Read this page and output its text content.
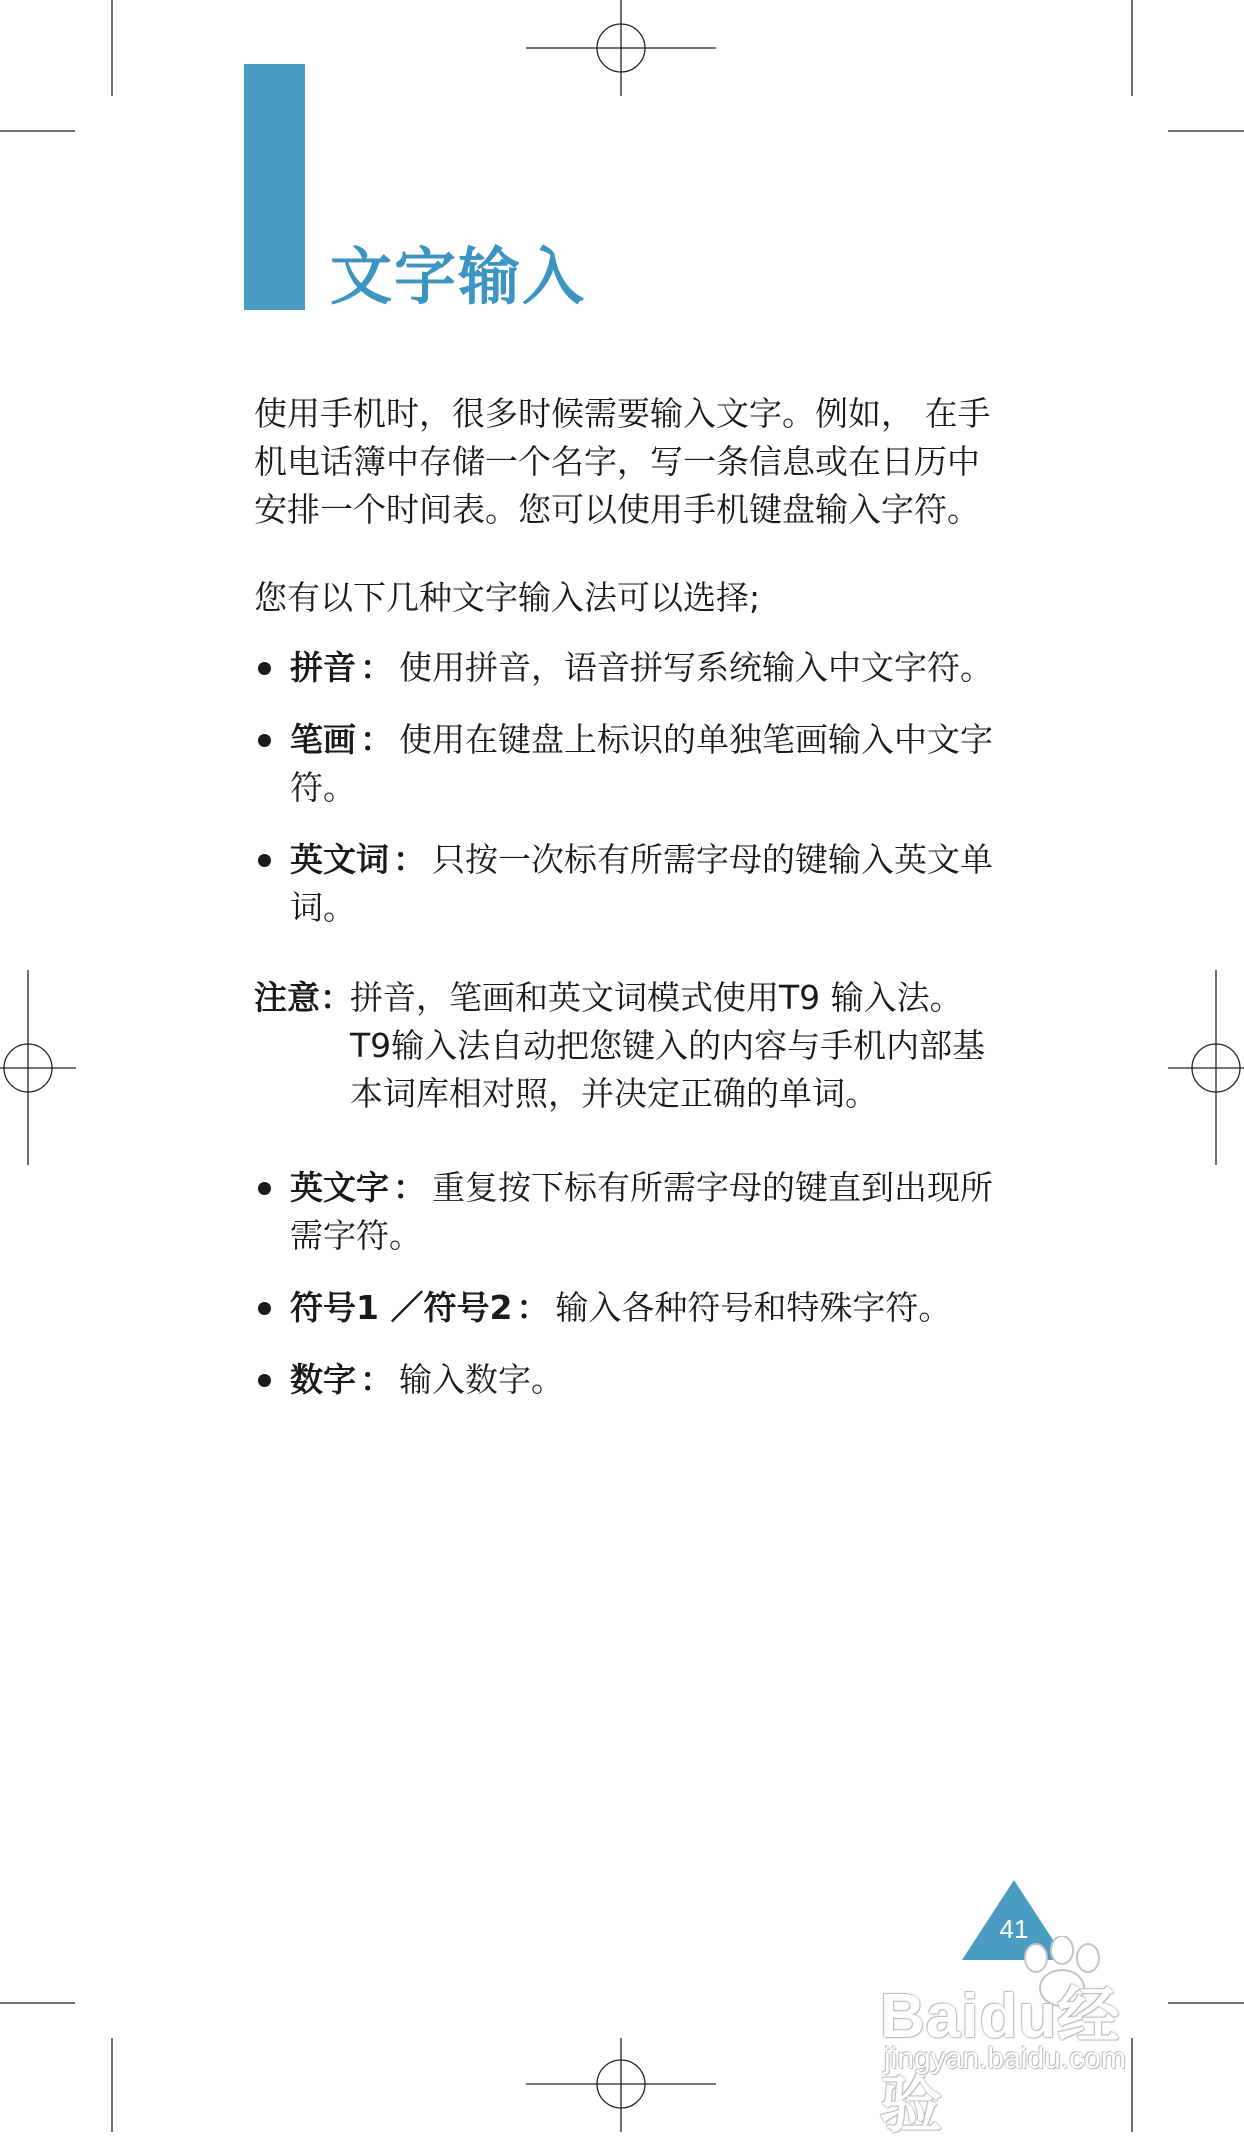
文字输入
使用手机时，很多时候需要输入文字。例如， 在手
机电话簿中存储一个名字，写一条信息或在日历中
安排一个时间表。您可以使用手机键盘输入字符。
您有以下几种文字输入法可以选择;
拼音 ： 使用拼音，语音拼写系统输入中文字符。
笔画 ： 使用在键盘上标识的单独笔画输入中文字符。
英文词 ： 只按一次标有所需字母的键输入英文单词。
注意：
拼音，笔画和英文词模式使用T9 输入法。
T9输入法自动把您键入的内容与手机内部基
本词库相对照，并决定正确的单词。
英文字 ： 重复按下标有所需字母的键直到出现所需字符。
符号1 ／符号2 ： 输入各种符号和特殊字符。
数字 ： 输入数字。
41
Baidu经验
jingyan.baidu.com
